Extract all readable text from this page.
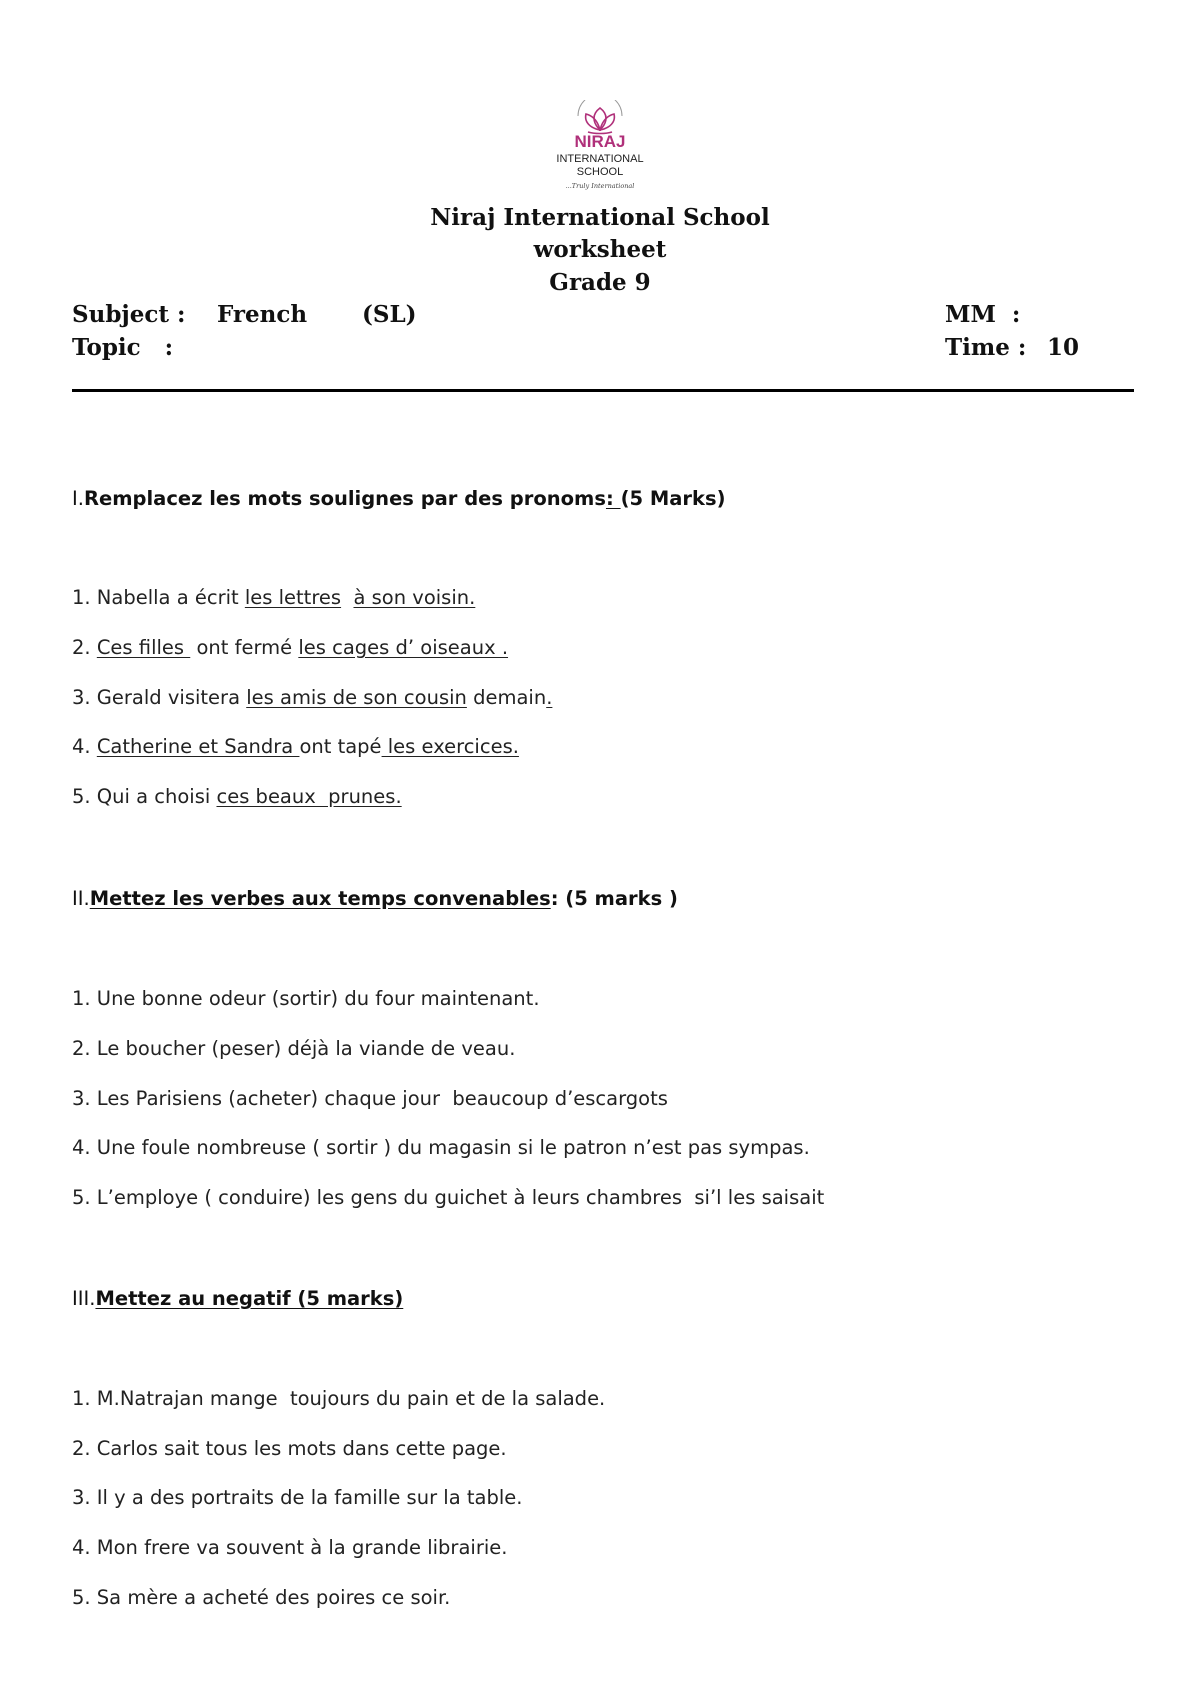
NIRAJ
INTERNATIONAL
SCHOOL
...Truly International
Niraj International School
worksheet
Grade 9
Subject : French (SL)	MM  :
Topic   :	Time : 10
I.Remplacez les mots soulignes par des pronoms: (5 Marks)
1. Nabella a écrit les lettres à son voisin.
2. Ces filles  ont fermé les cages d’ oiseaux .
3. Gerald visitera les amis de son cousin demain.
4. Catherine et Sandra ont tapé les exercices.
5. Qui a choisi ces beaux  prunes.
II.Mettez les verbes aux temps convenables: (5 marks )
1. Une bonne odeur (sortir) du four maintenant.
2. Le boucher (peser) déjà la viande de veau.
3. Les Parisiens (acheter) chaque jour  beaucoup d’escargots
4. Une foule nombreuse ( sortir ) du magasin si le patron n’est pas sympas.
5. L’employe ( conduire) les gens du guichet à leurs chambres  si’l les saisait
III.Mettez au negatif (5 marks)
1. M.Natrajan mange  toujours du pain et de la salade.
2. Carlos sait tous les mots dans cette page.
3. Il y a des portraits de la famille sur la table.
4. Mon frere va souvent à la grande librairie.
5. Sa mère a acheté des poires ce soir.
